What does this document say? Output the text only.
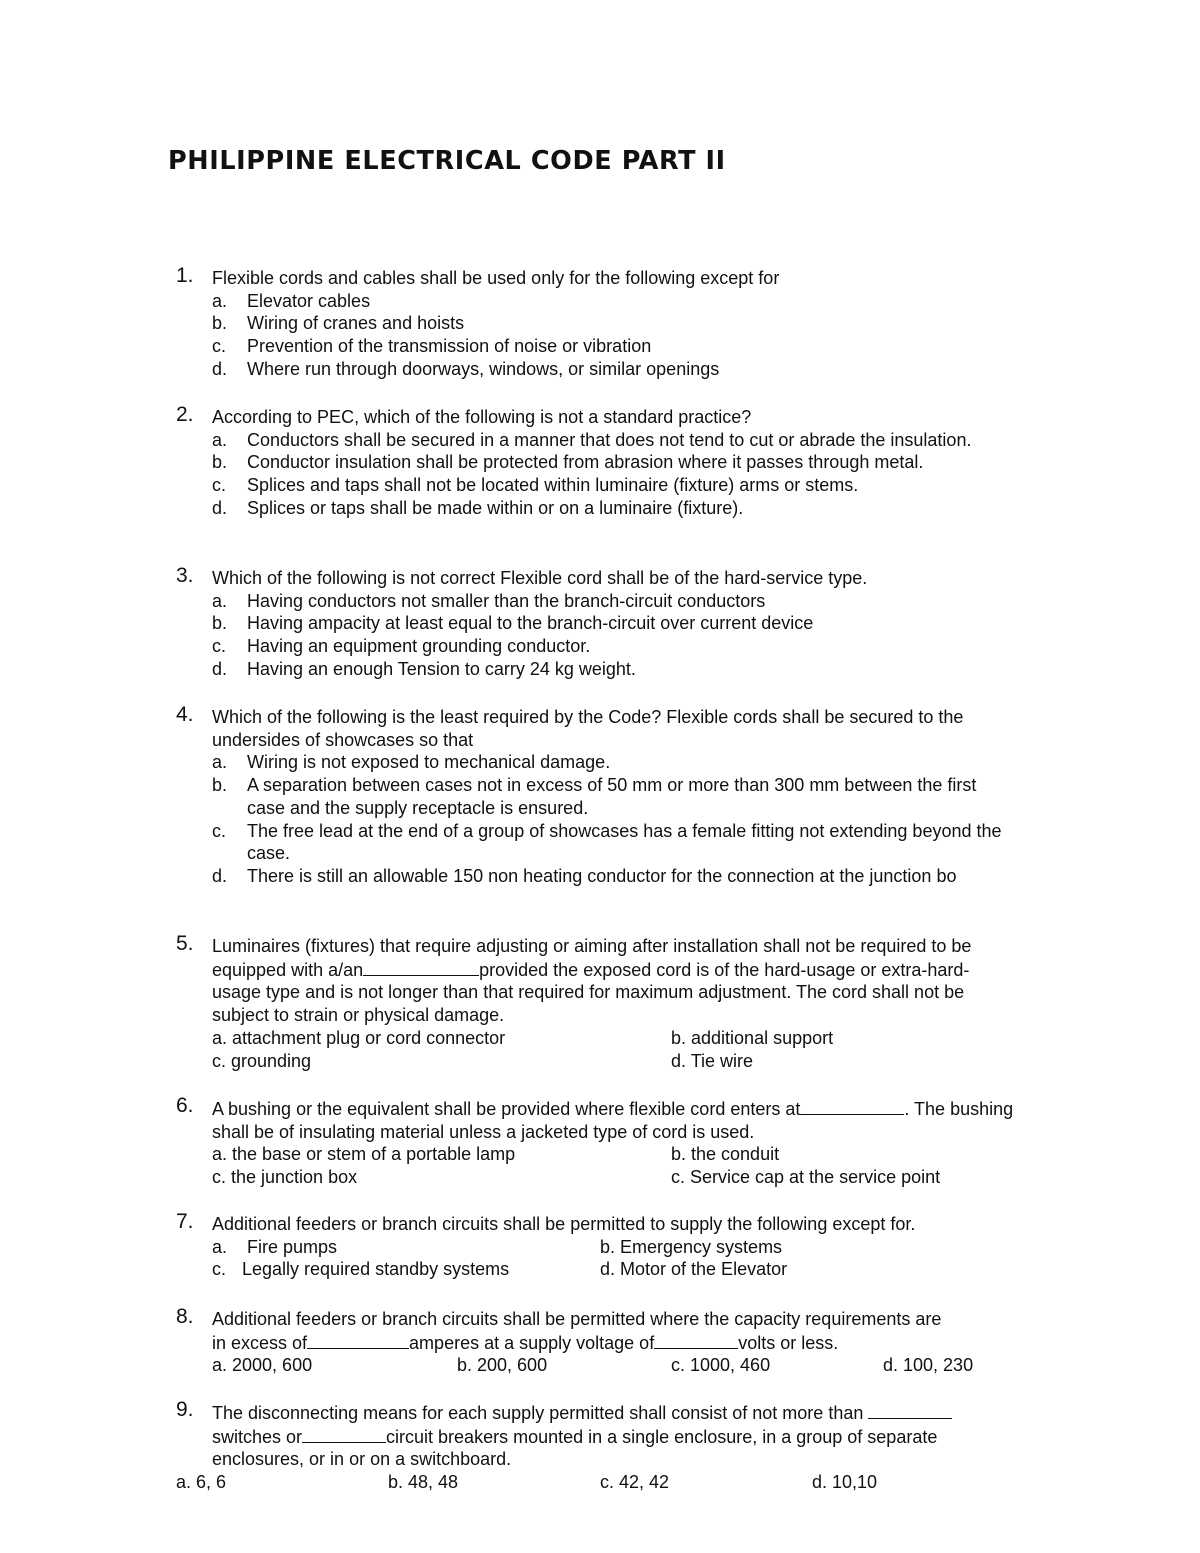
PHILIPPINE ELECTRICAL CODE PART II
1. Flexible cords and cables shall be used only for the following except for
a. Elevator cables
b. Wiring of cranes and hoists
c. Prevention of the transmission of noise or vibration
d. Where run through doorways, windows, or similar openings
2. According to PEC, which of the following is not a standard practice?
a. Conductors shall be secured in a manner that does not tend to cut or abrade the insulation.
b. Conductor insulation shall be protected from abrasion where it passes through metal.
c. Splices and taps shall not be located within luminaire (fixture) arms or stems.
d. Splices or taps shall be made within or on a luminaire (fixture).
3. Which of the following is not correct Flexible cord shall be of the hard-service type.
a. Having conductors not smaller than the branch-circuit conductors
b. Having ampacity at least equal to the branch-circuit over current device
c. Having an equipment grounding conductor.
d. Having an enough Tension to carry 24 kg weight.
4. Which of the following is the least required by the Code? Flexible cords shall be secured to the undersides of showcases so that
a. Wiring is not exposed to mechanical damage.
b. A separation between cases not in excess of 50 mm or more than 300 mm between the first case and the supply receptacle is ensured.
c. The free lead at the end of a group of showcases has a female fitting not extending beyond the case.
d. There is still an allowable 150 non heating conductor for the connection at the junction bo
5. Luminaires (fixtures) that require adjusting or aiming after installation shall not be required to be equipped with a/an	provided the exposed cord is of the hard-usage or extra-hard-usage type and is not longer than that required for maximum adjustment. The cord shall not be subject to strain or physical damage.
a. attachment plug or cord connector	b. additional support
c. grounding	d. Tie wire
6. A bushing or the equivalent shall be provided where flexible cord enters at	. The bushing shall be of insulating material unless a jacketed type of cord is used.
a. the base or stem of a portable lamp	b. the conduit
c. the junction box	c. Service cap at the service point
7. Additional feeders or branch circuits shall be permitted to supply the following except for.
a. Fire pumps	b. Emergency systems
c. Legally required standby systems	d. Motor of the Elevator
8. Additional feeders or branch circuits shall be permitted where the capacity requirements are
in excess of	amperes at a supply voltage of	volts or less.
a. 2000, 600	b. 200, 600	c. 1000, 460	d. 100, 230
9. The disconnecting means for each supply permitted shall consist of not more than  switches or	circuit breakers mounted in a single enclosure, in a group of separate enclosures, or in or on a switchboard.
a. 6, 6	b. 48, 48	c. 42, 42	d. 10,10
